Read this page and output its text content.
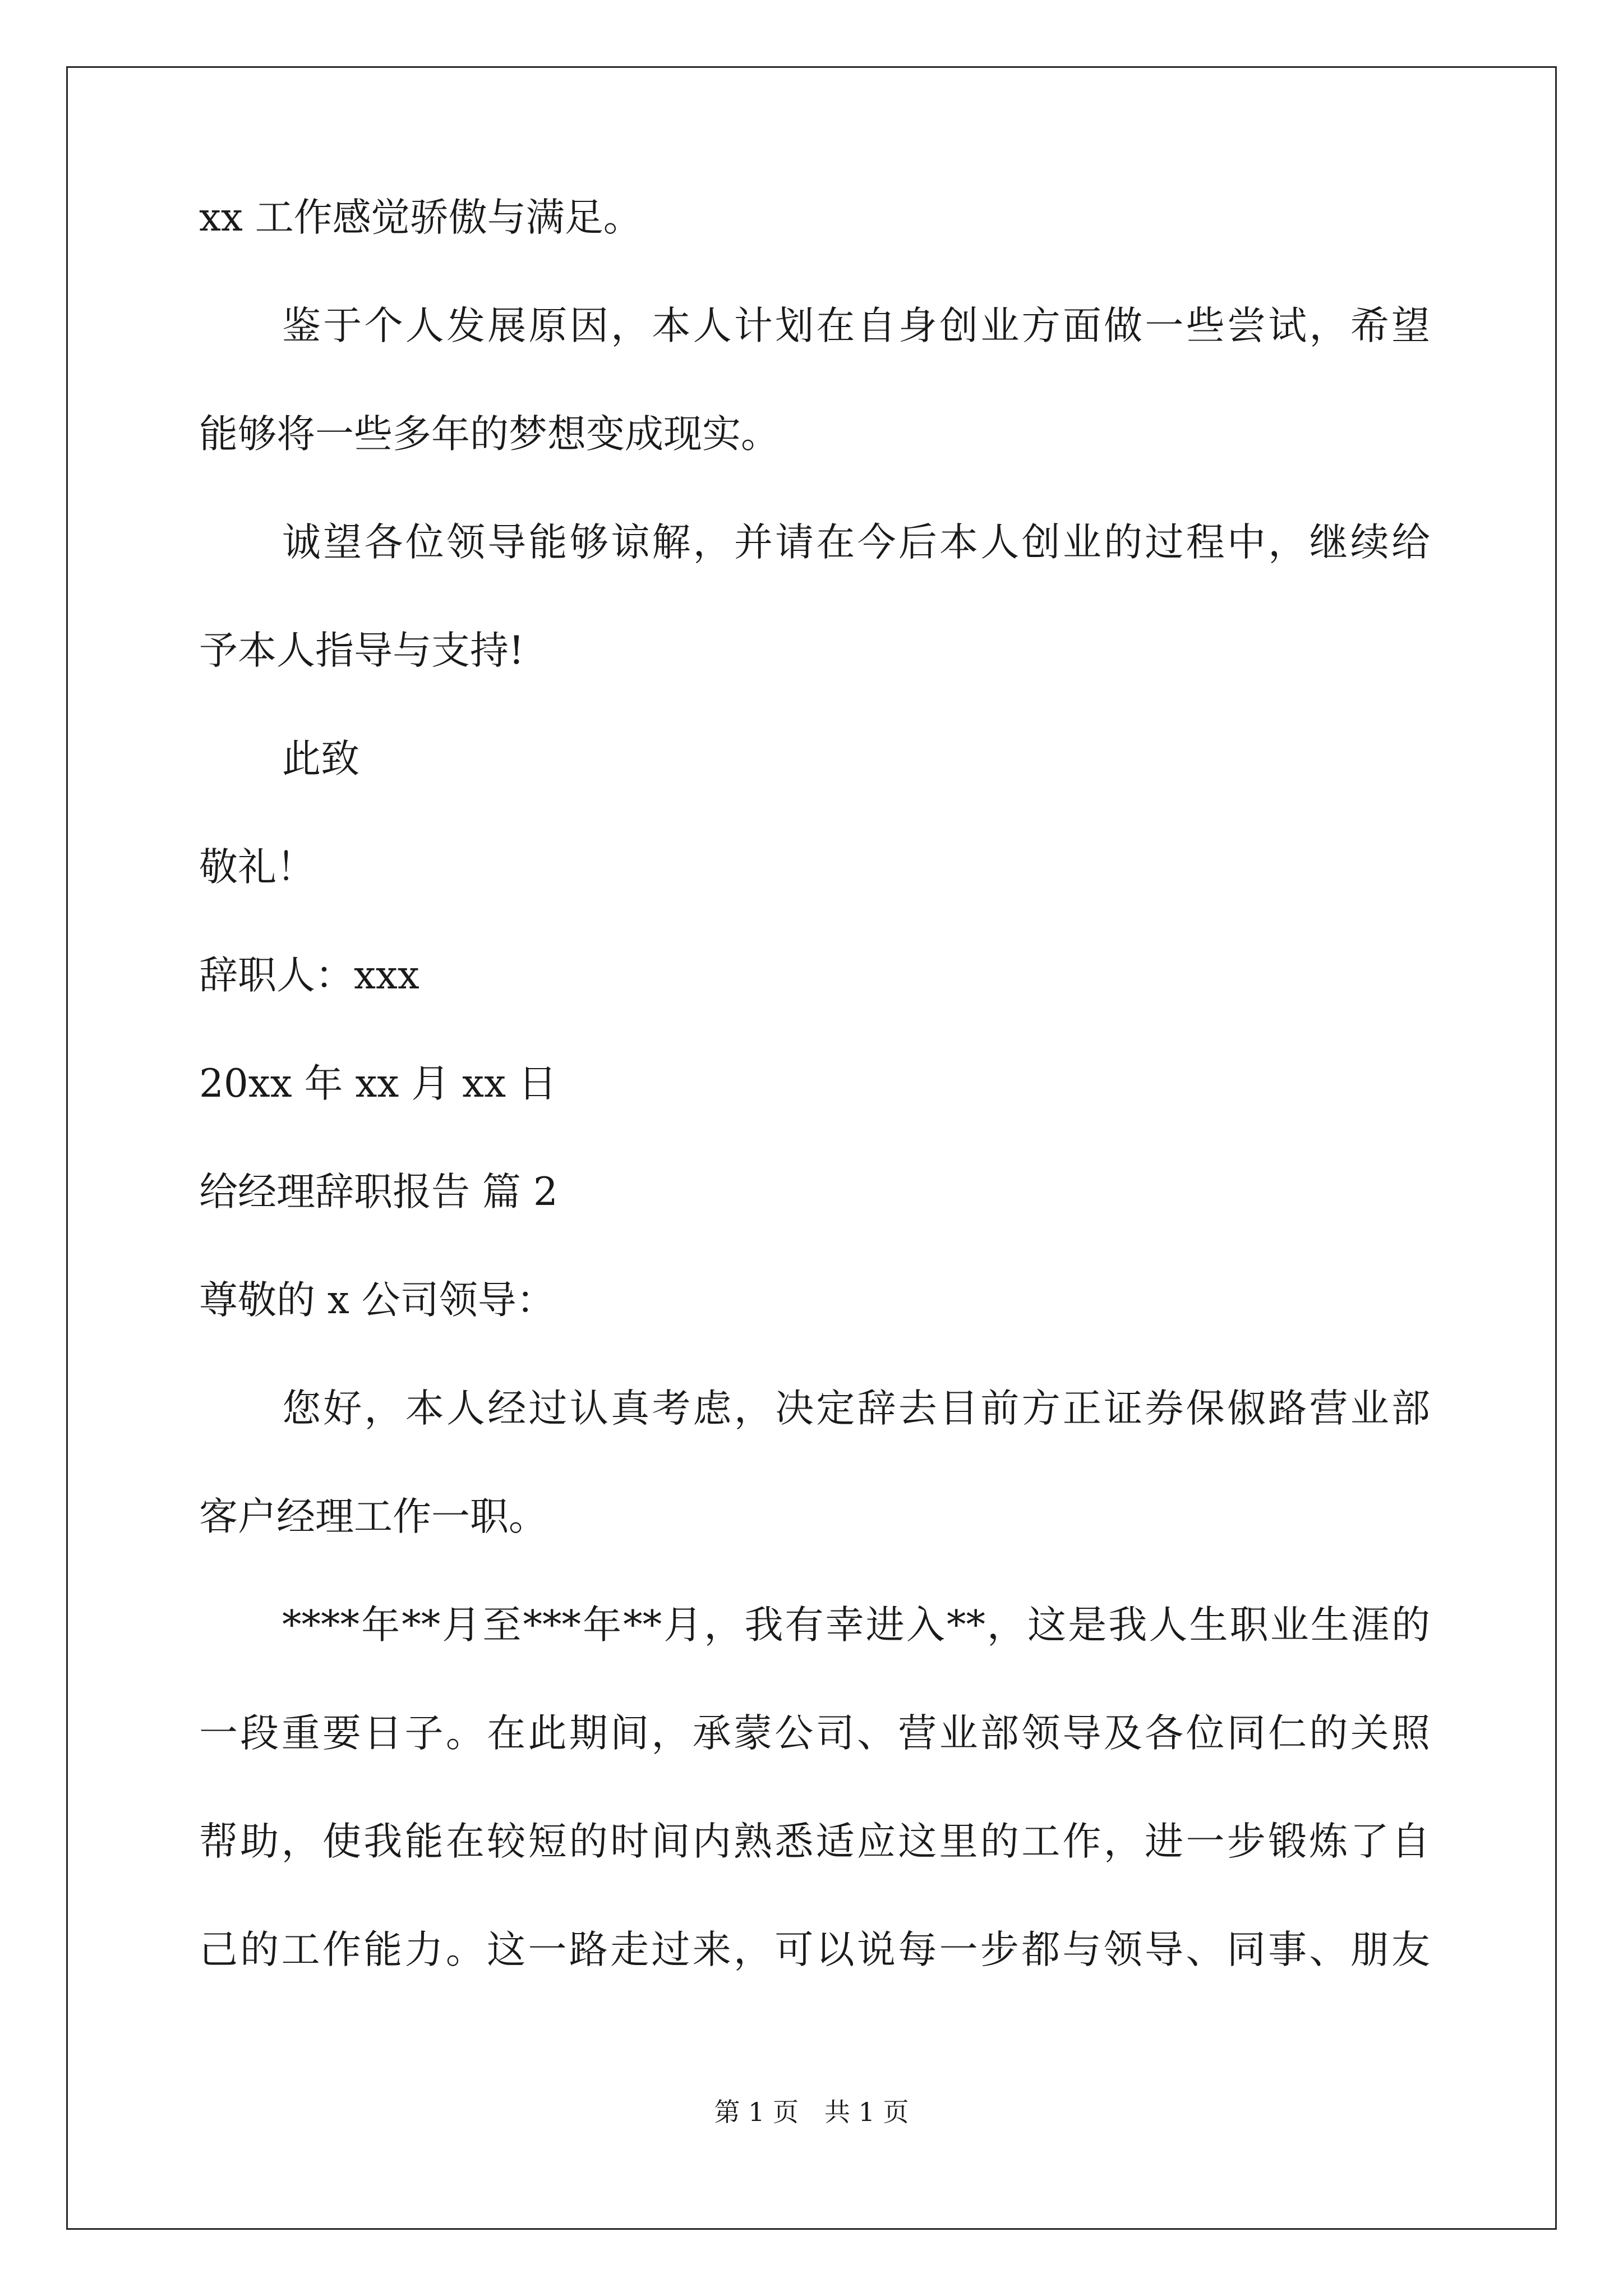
xx 工作感觉骄傲与满足。
鉴于个人发展原因，本人计划在自身创业方面做一些尝试，希望
能够将一些多年的梦想变成现实。
诚望各位领导能够谅解，并请在今后本人创业的过程中，继续给
予本人指导与支持!
此致
敬礼！
辞职人：xxx
20xx 年 xx 月 xx 日
给经理辞职报告 篇 2
尊敬的 x 公司领导：
您好，本人经过认真考虑，决定辞去目前方正证券保俶路营业部
客户经理工作一职。
****年**月至***年**月，我有幸进入**，这是我人生职业生涯的
一段重要日子。在此期间，承蒙公司、营业部领导及各位同仁的关照
帮助，使我能在较短的时间内熟悉适应这里的工作，进一步锻炼了自
己的工作能力。这一路走过来，可以说每一步都与领导、同事、朋友
第 1 页 共 1 页
